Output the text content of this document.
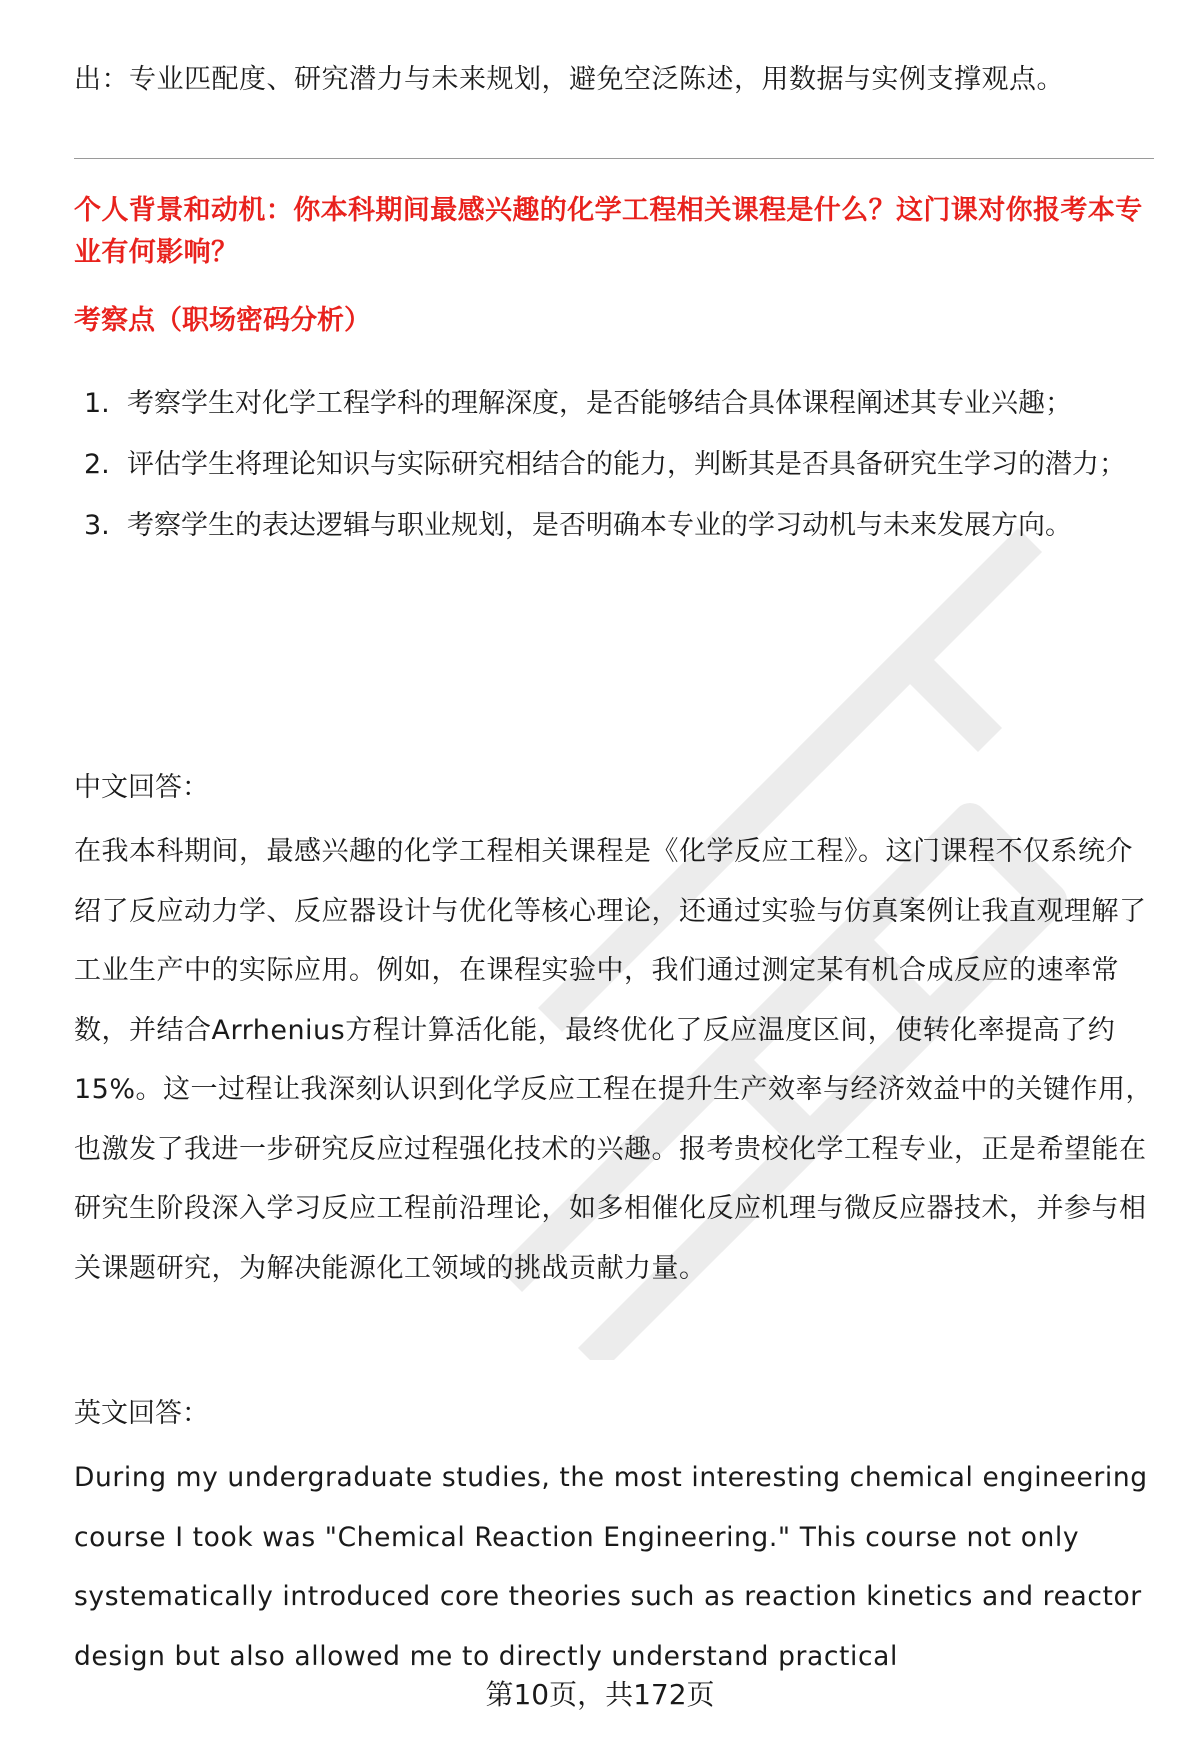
出：专业匹配度、研究潜力与未来规划，避免空泛陈述，用数据与实例支撑观点。
个人背景和动机：你本科期间最感兴趣的化学工程相关课程是什么？这门课对你报考本专业有何影响？
考察点（职场密码分析）
1. 考察学生对化学工程学科的理解深度，是否能够结合具体课程阐述其专业兴趣；
2. 评估学生将理论知识与实际研究相结合的能力，判断其是否具备研究生学习的潜力；
3. 考察学生的表达逻辑与职业规划，是否明确本专业的学习动机与未来发展方向。
中文回答：
在我本科期间，最感兴趣的化学工程相关课程是《化学反应工程》。这门课程不仅系统介绍了反应动力学、反应器设计与优化等核心理论，还通过实验与仿真案例让我直观理解了工业生产中的实际应用。例如，在课程实验中，我们通过测定某有机合成反应的速率常数，并结合Arrhenius方程计算活化能，最终优化了反应温度区间，使转化率提高了约15%。这一过程让我深刻认识到化学反应工程在提升生产效率与经济效益中的关键作用，也激发了我进一步研究反应过程强化技术的兴趣。报考贵校化学工程专业，正是希望能在研究生阶段深入学习反应工程前沿理论，如多相催化反应机理与微反应器技术，并参与相关课题研究，为解决能源化工领域的挑战贡献力量。
英文回答：
During my undergraduate studies, the most interesting chemical engineering course I took was "Chemical Reaction Engineering." This course not only systematically introduced core theories such as reaction kinetics and reactor design but also allowed me to directly understand practical
第10页，共172页
